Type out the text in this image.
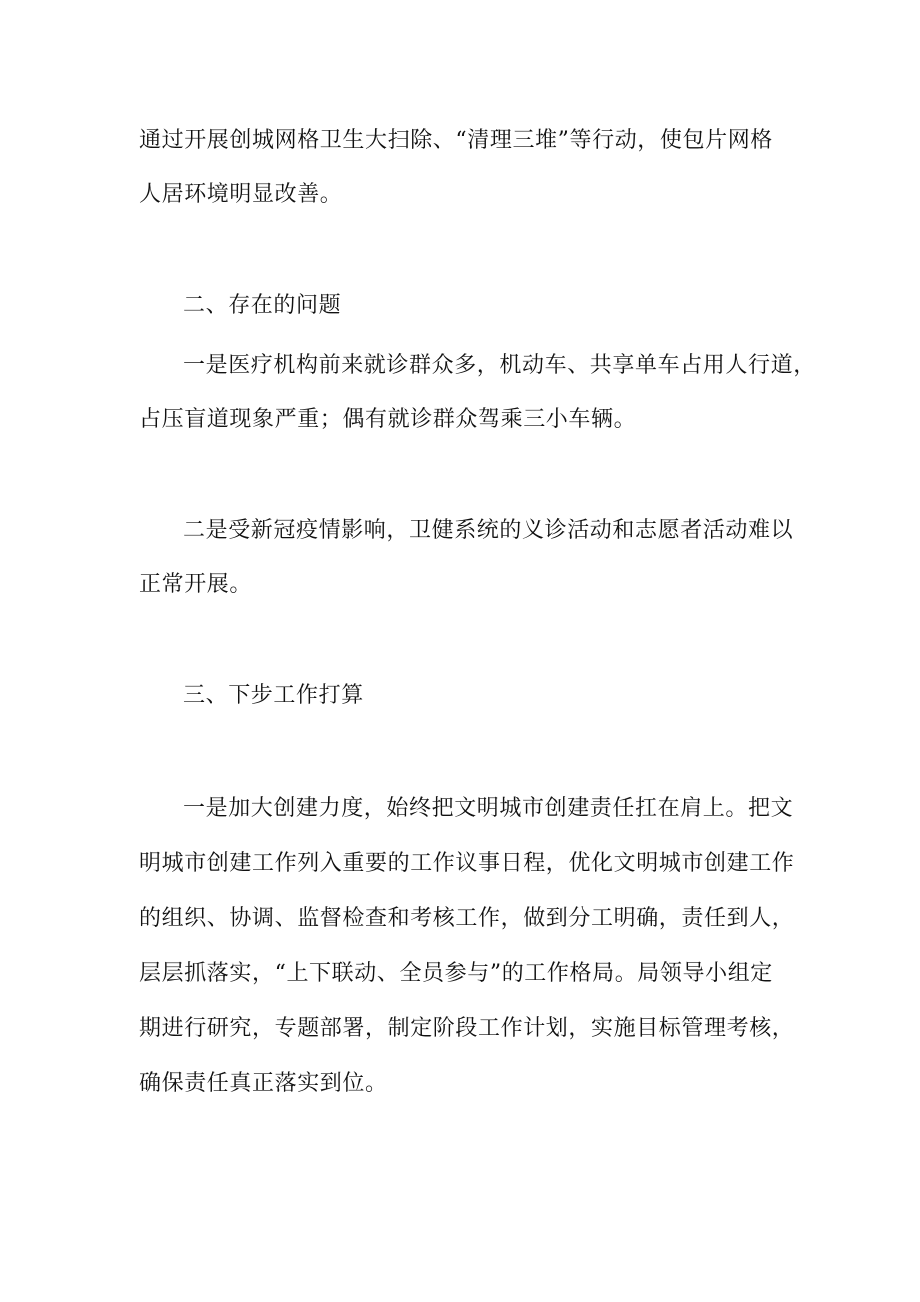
通过开展创城网格卫生大扫除、“清理三堆”等行动，使包片网格
人居环境明显改善。
二、存在的问题
一是医疗机构前来就诊群众多，机动车、共享单车占用人行道，
占压盲道现象严重；偶有就诊群众驾乘三小车辆。
二是受新冠疫情影响，卫健系统的义诊活动和志愿者活动难以
正常开展。
三、下步工作打算
一是加大创建力度，始终把文明城市创建责任扛在肩上。把文
明城市创建工作列入重要的工作议事日程，优化文明城市创建工作
的组织、协调、监督检查和考核工作，做到分工明确，责任到人，
层层抓落实，“上下联动、全员参与”的工作格局。局领导小组定
期进行研究，专题部署，制定阶段工作计划，实施目标管理考核，
确保责任真正落实到位。
